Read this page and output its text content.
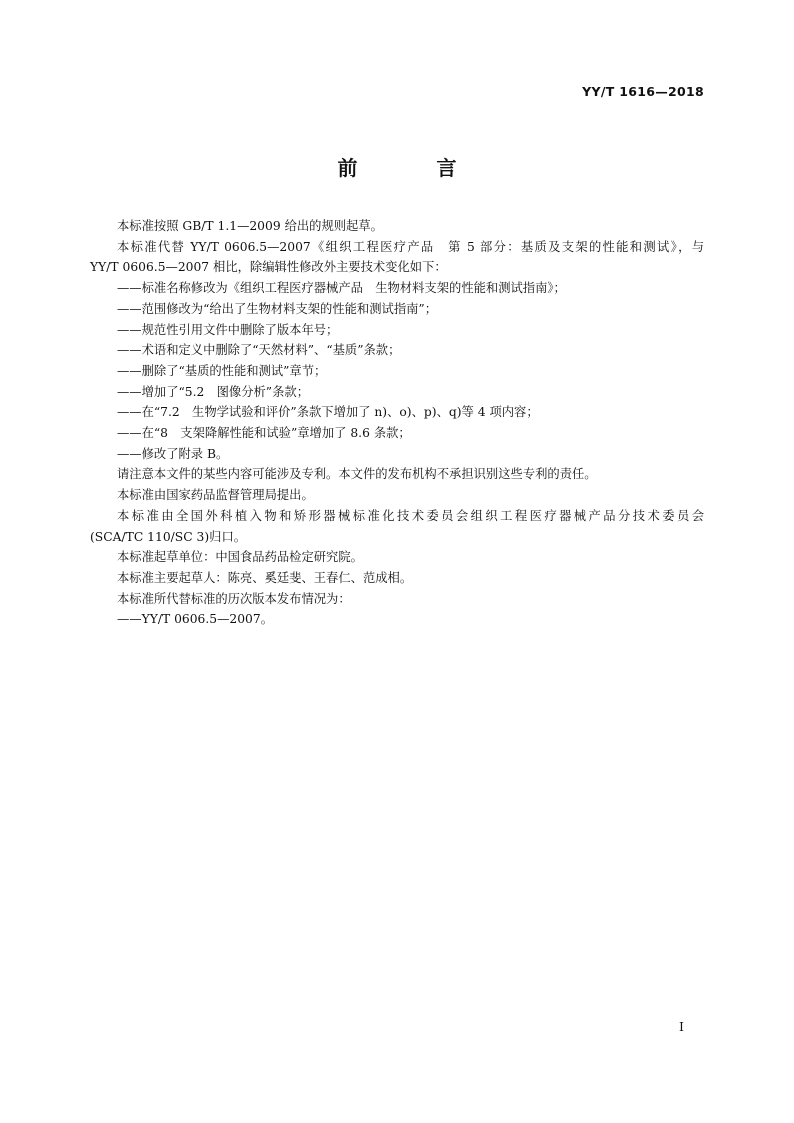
YY/T 1616—2018
前 言

本标准按照 GB/T 1.1—2009 给出的规则起草。

本标准代替 YY/T 0606.5—2007《组织工程医疗产品　第 5 部分：基质及支架的性能和测试》，与
YY/T 0606.5—2007 相比，除编辑性修改外主要技术变化如下：

——标准名称修改为《组织工程医疗器械产品　生物材料支架的性能和测试指南》；

——范围修改为“给出了生物材料支架的性能和测试指南”；

——规范性引用文件中删除了版本年号；

——术语和定义中删除了“天然材料”、“基质”条款；

——删除了“基质的性能和测试”章节；

——增加了“5.2　图像分析”条款；

——在“7.2　生物学试验和评价”条款下增加了 n)、o)、p)、q)等 4 项内容；

——在“8　支架降解性能和试验”章增加了 8.6 条款；

——修改了附录 B。

请注意本文件的某些内容可能涉及专利。本文件的发布机构不承担识别这些专利的责任。

本标准由国家药品监督管理局提出。

本标准由全国外科植入物和矫形器械标准化技术委员会组织工程医疗器械产品分技术委员会
(SCA/TC 110/SC 3)归口。

本标准起草单位：中国食品药品检定研究院。

本标准主要起草人：陈亮、奚廷斐、王春仁、范成相。

本标准所代替标准的历次版本发布情况为：

——YY/T 0606.5—2007。

I
